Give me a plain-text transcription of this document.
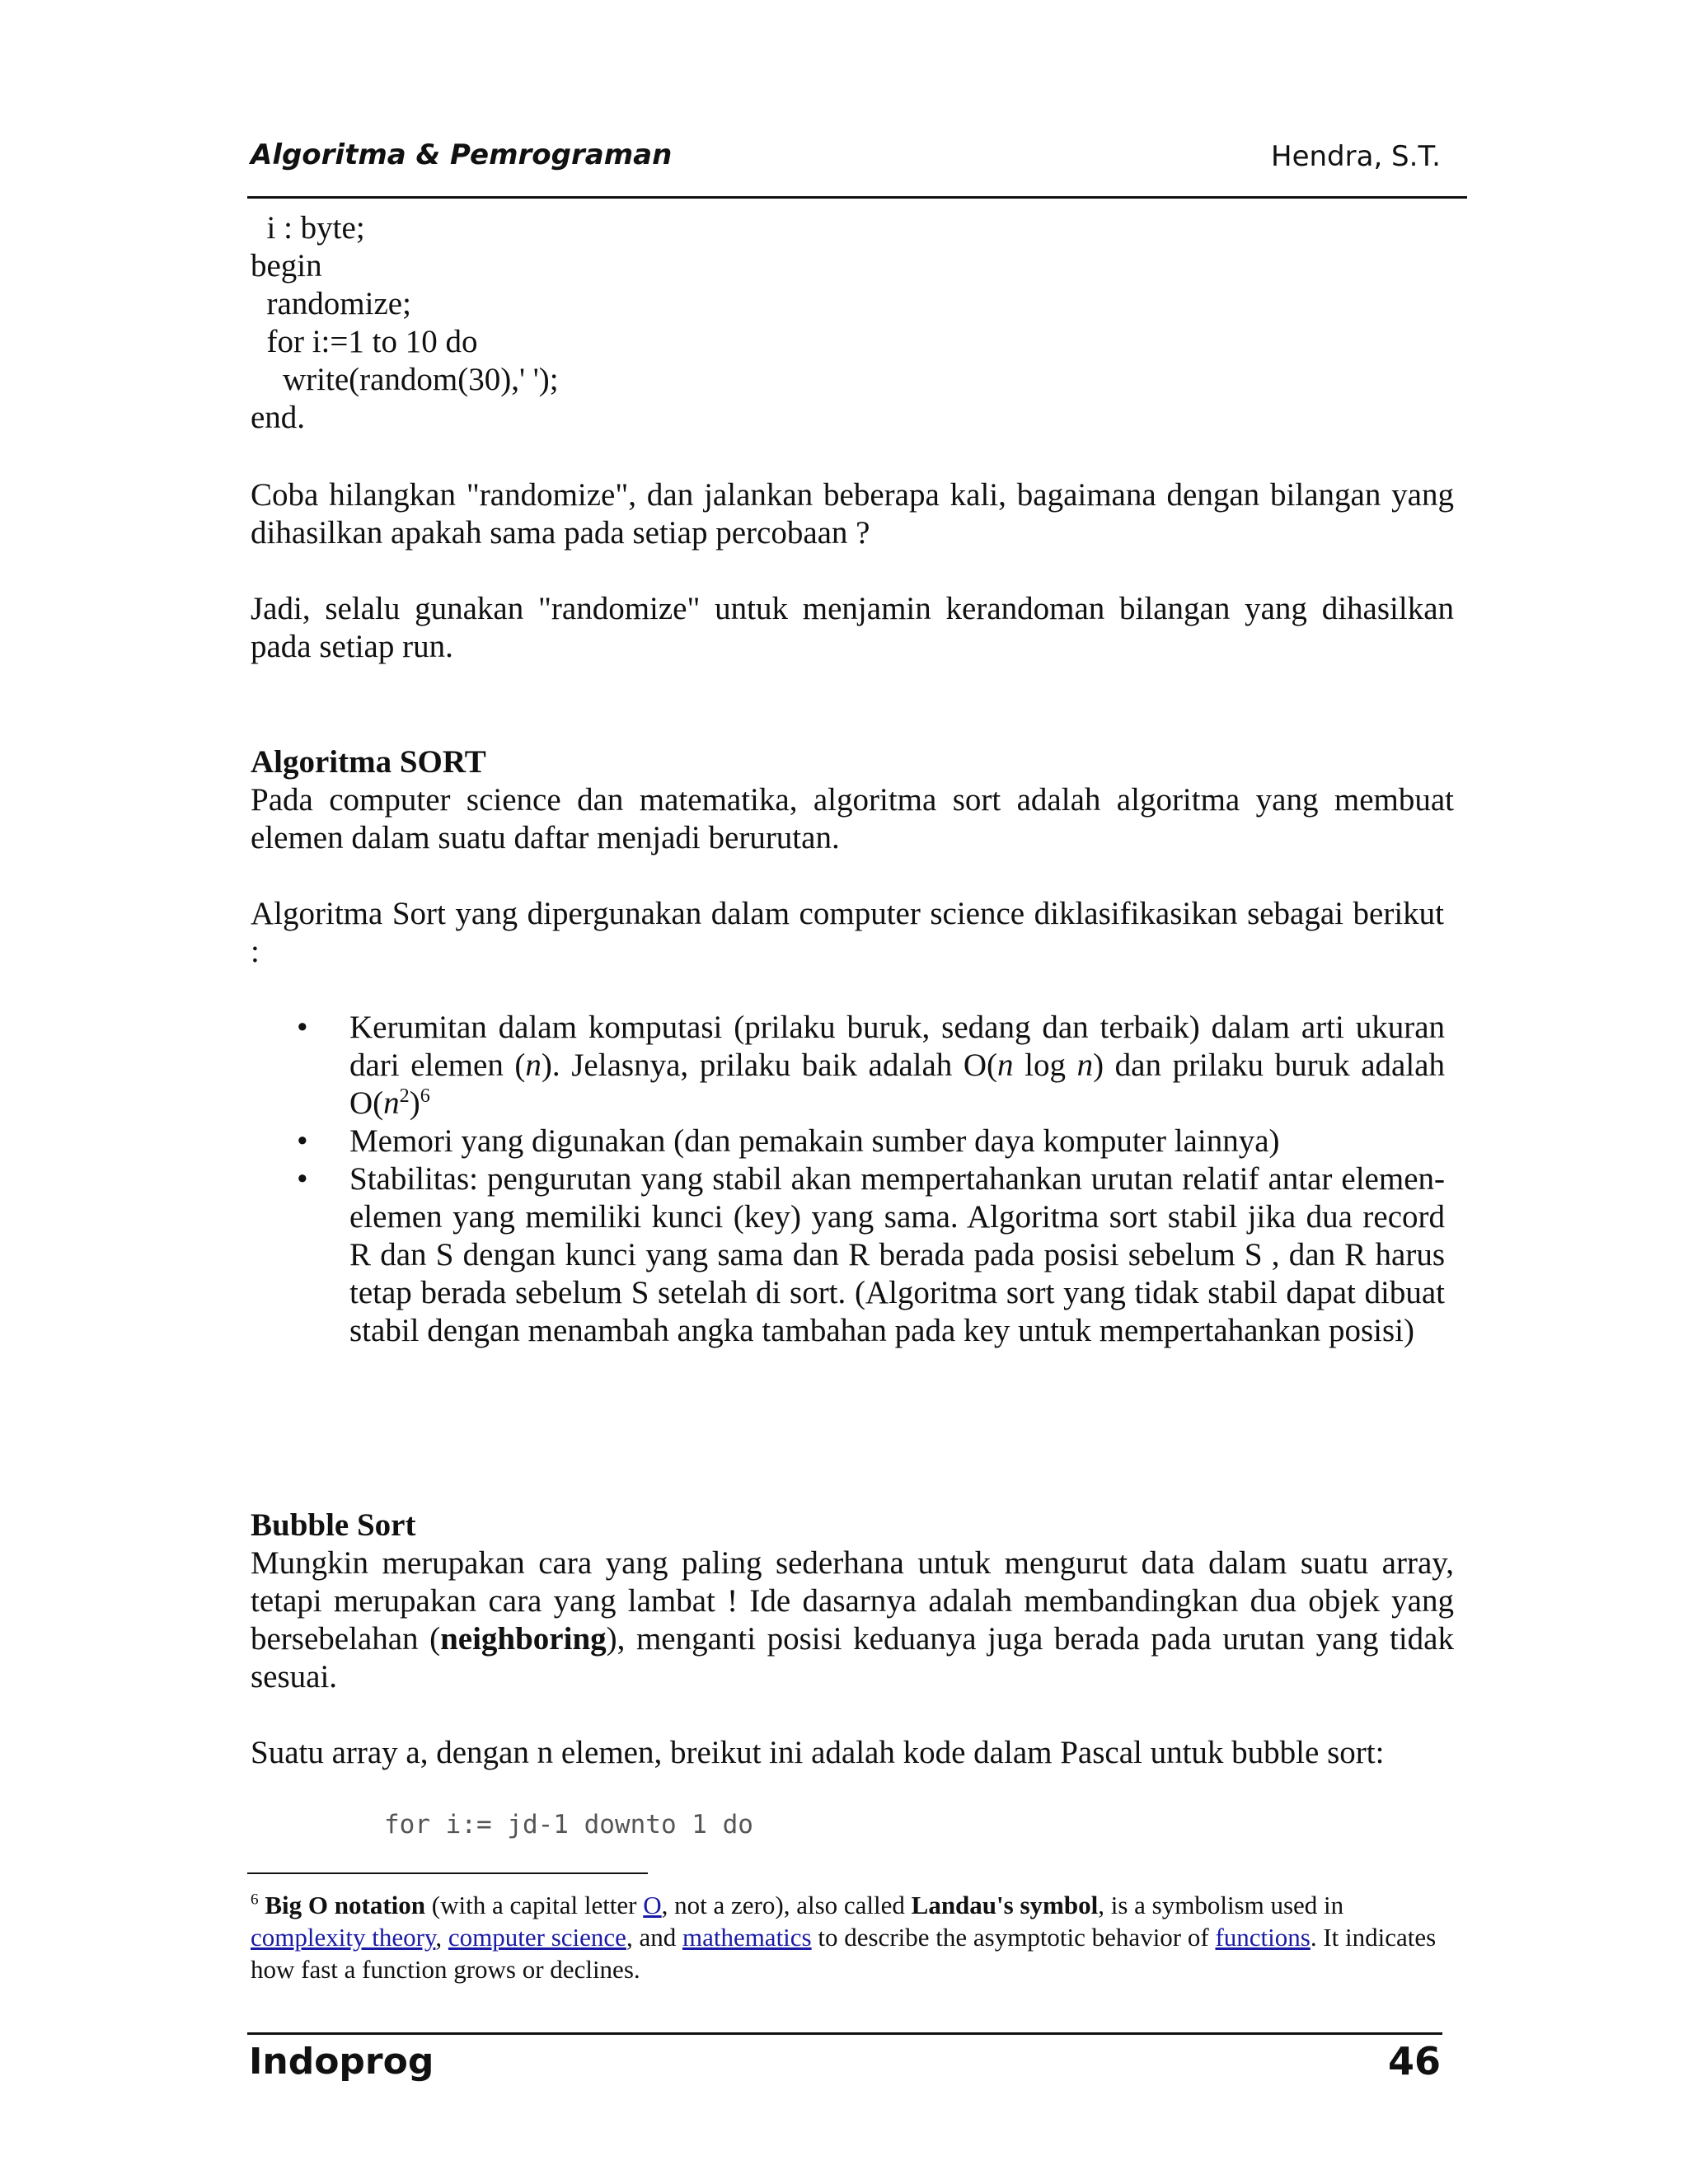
Algoritma & Pemrograman	Hendra, S.T.
i : byte;
begin
randomize;
for i:=1 to 10 do
write(random(30),' ');
end.
Coba hilangkan "randomize", dan jalankan beberapa kali, bagaimana dengan bilangan yang dihasilkan apakah sama pada setiap percobaan ?
Jadi, selalu gunakan "randomize" untuk menjamin kerandoman bilangan yang dihasilkan pada setiap run.
Algoritma SORT
Pada computer science dan matematika, algoritma sort adalah algoritma yang membuat elemen dalam suatu daftar menjadi berurutan.
Algoritma Sort yang dipergunakan dalam computer science diklasifikasikan sebagai berikut :
• Kerumitan dalam komputasi (prilaku buruk, sedang dan terbaik) dalam arti ukuran dari elemen (n). Jelasnya, prilaku baik adalah O(n log n) dan prilaku buruk adalah $O(n^2)^6$
• Memori yang digunakan (dan pemakain sumber daya komputer lainnya)
• Stabilitas: pengurutan yang stabil akan mempertahankan urutan relatif antar elemen-elemen yang memiliki kunci (key) yang sama. Algoritma sort stabil jika dua record R dan S dengan kunci yang sama dan R berada pada posisi sebelum S , dan R harus tetap berada sebelum S setelah di sort. (Algoritma sort yang tidak stabil dapat dibuat stabil dengan menambah angka tambahan pada key untuk mempertahankan posisi)
Bubble Sort
Mungkin merupakan cara yang paling sederhana untuk mengurut data dalam suatu array, tetapi merupakan cara yang lambat ! Ide dasarnya adalah membandingkan dua objek yang bersebelahan (neighboring), menganti posisi keduanya juga berada pada urutan yang tidak sesuai.
Suatu array a, dengan n elemen, breikut ini adalah kode dalam Pascal untuk bubble sort:
for i:= jd-1 downto 1 do
$^6$ Big O notation (with a capital letter O, not a zero), also called Landau's symbol, is a symbolism used in complexity theory, computer science, and mathematics to describe the asymptotic behavior of functions. It indicates how fast a function grows or declines.
Indoprog	46
